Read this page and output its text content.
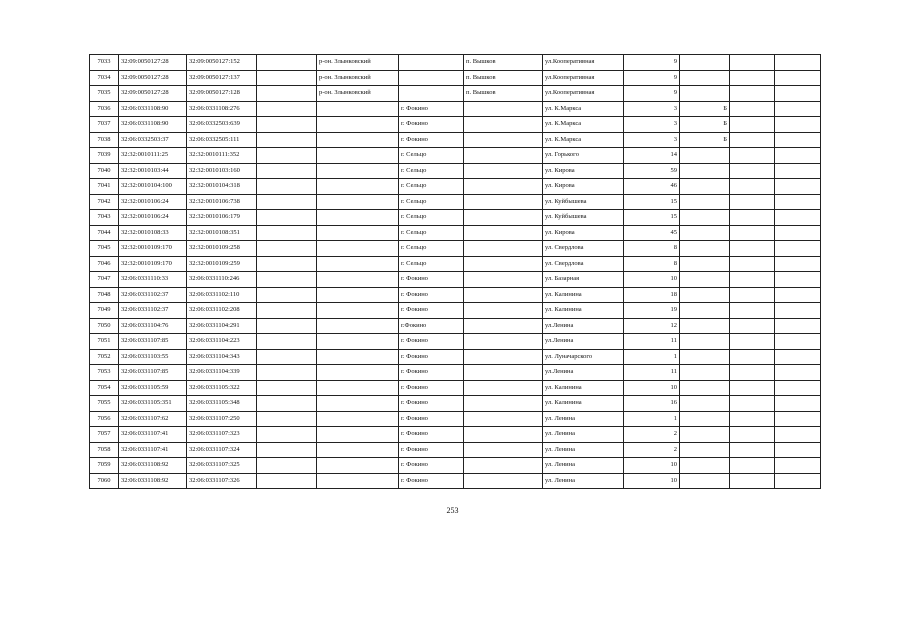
7033	32:09:0050127:28	32:09:0050127:152		р-он. Злынковский		п. Вышков	ул.Кооперативная	9			
7034	32:09:0050127:28	32:09:0050127:137		р-он. Злынковский		п. Вышков	ул.Кооперативная	9			
7035	32:09:0050127:28	32:09:0050127:128		р-он. Злынковский		п. Вышков	ул.Кооперативная	9			
7036	32:06:0331108:90	32:06:0331108:276			г. Фокино		ул. К.Маркса	3	Б		
7037	32:06:0331108:90	32:06:0332503:639			г. Фокино		ул. К.Маркса	3	Б		
7038	32:06:0332503:37	32:06:0332505:111			г. Фокино		ул. К.Маркса	3	Б		
7039	32:32:0010111:25	32:32:0010111:352			г. Сельцо		ул. Горького	14			
7040	32:32:0010103:44	32:32:0010103:160			г. Сельцо		ул. Кирова	59			
7041	32:32:0010104:100	32:32:0010104:318			г. Сельцо		ул. Кирова	46			
7042	32:32:0010106:24	32:32:0010106:738			г. Сельцо		ул. Куйбышева	15			
7043	32:32:0010106:24	32:32:0010106:179			г. Сельцо		ул. Куйбышева	15			
7044	32:32:0010108:33	32:32:0010108:351			г. Сельцо		ул. Кирова	45			
7045	32:32:0010109:170	32:32:0010109:258			г. Сельцо		ул. Свердлова	8			
7046	32:32:0010109:170	32:32:0010109:259			г. Сельцо		ул. Свердлова	8			
7047	32:06:0331110:33	32:06:0331110:246			г. Фокино		ул. Базарная	10			
7048	32:06:0331102:37	32:06:0331102:110			г. Фокино		ул. Калинина	18			
7049	32:06:0331102:37	32:06:0331102:208			г. Фокино		ул. Калинина	19			
7050	32:06:0331104:76	32:06:0331104:291			г.Фокино		ул.Ленина	12			
7051	32:06:0331107:85	32:06:0331104:223			г. Фокино		ул.Ленина	11			
7052	32:06:0331103:55	32:06:0331104:343			г. Фокино		ул. Луначарского	1			
7053	32:06:0331107:85	32:06:0331104:339			г. Фокино		ул.Ленина	11			
7054	32:06:0331105:59	32:06:0331105:322			г. Фокино		ул. Калинина	10			
7055	32:06:0331105:351	32:06:0331105:348			г. Фокино		ул. Калинина	16			
7056	32:06:0331107:62	32:06:0331107:250			г. Фокино		ул. Ленина	1			
7057	32:06:0331107:41	32:06:0331107:323			г. Фокино		ул. Ленина	2			
7058	32:06:0331107:41	32:06:0331107:324			г. Фокино		ул. Ленина	2			
7059	32:06:0331108:92	32:06:0331107:325			г. Фокино		ул. Ленина	10			
7060	32:06:0331108:92	32:06:0331107:326			г. Фокино		ул. Ленина	10			
253
